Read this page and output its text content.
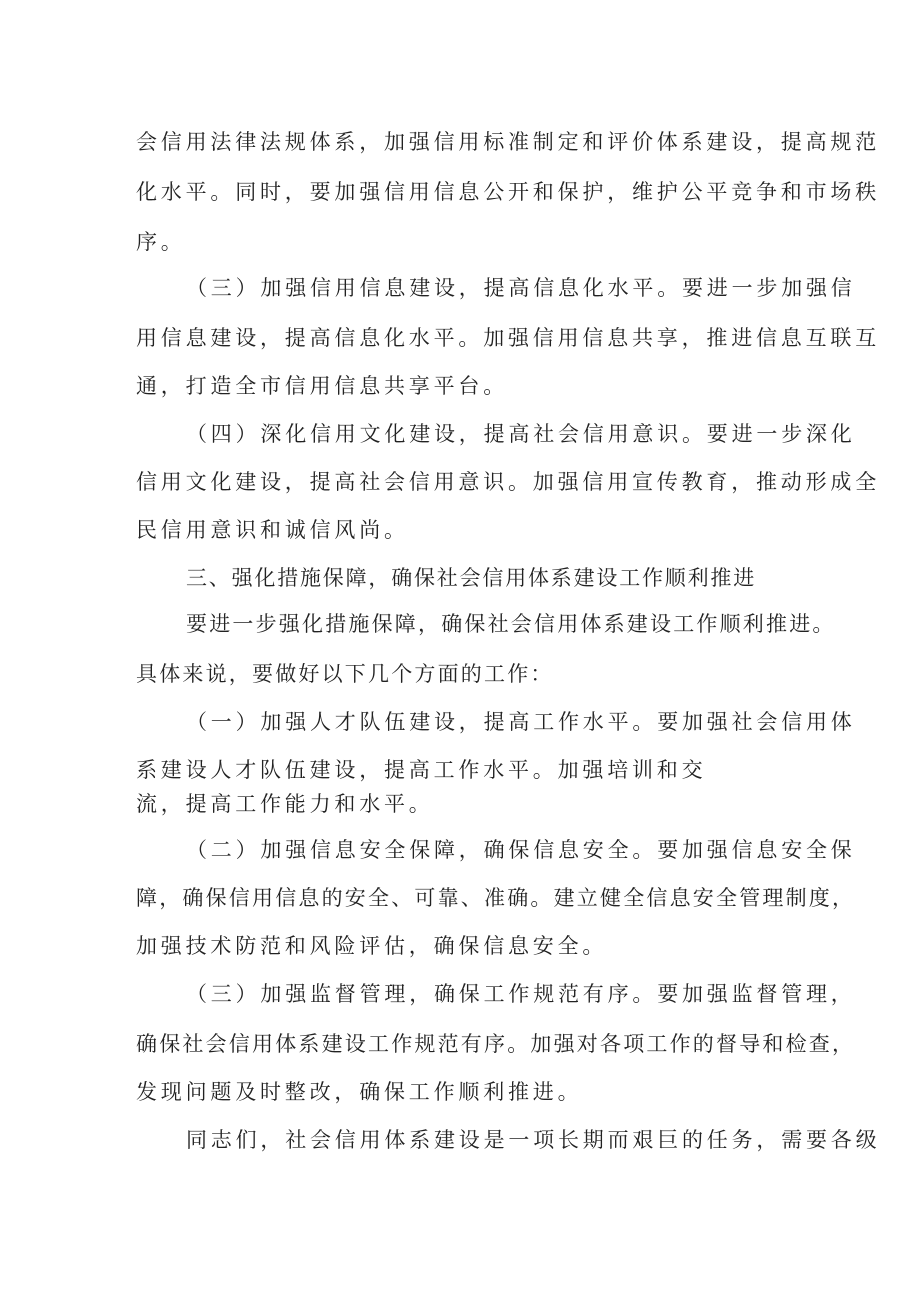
会信用法律法规体系，加强信用标准制定和评价体系建设，提高规范
化水平。同时，要加强信用信息公开和保护，维护公平竞争和市场秩
序。
（三）加强信用信息建设，提高信息化水平。要进一步加强信
用信息建设，提高信息化水平。加强信用信息共享，推进信息互联互
通，打造全市信用信息共享平台。
（四）深化信用文化建设，提高社会信用意识。要进一步深化
信用文化建设，提高社会信用意识。加强信用宣传教育，推动形成全
民信用意识和诚信风尚。
三、强化措施保障，确保社会信用体系建设工作顺利推进
要进一步强化措施保障，确保社会信用体系建设工作顺利推进。
具体来说，要做好以下几个方面的工作：
（一）加强人才队伍建设，提高工作水平。要加强社会信用体
系建设人才队伍建设，提高工作水平。加强培训和交
流，提高工作能力和水平。
（二）加强信息安全保障，确保信息安全。要加强信息安全保
障，确保信用信息的安全、可靠、准确。建立健全信息安全管理制度，
加强技术防范和风险评估，确保信息安全。
（三）加强监督管理，确保工作规范有序。要加强监督管理，
确保社会信用体系建设工作规范有序。加强对各项工作的督导和检查，
发现问题及时整改，确保工作顺利推进。
同志们，社会信用体系建设是一项长期而艰巨的任务，需要各级
